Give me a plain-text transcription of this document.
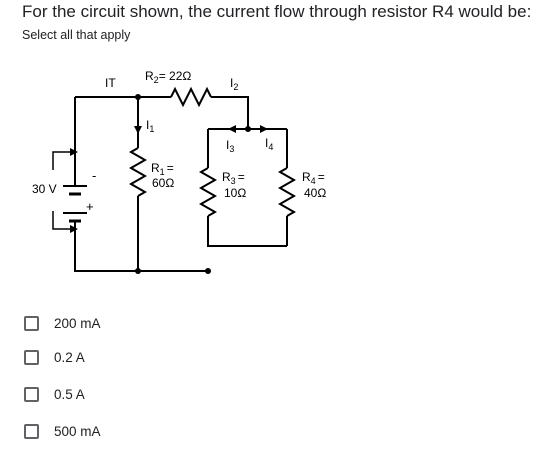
For the circuit shown, the current flow through resistor R4 would be:
Select all that apply
30 V
-
+
IT $R_2= 22\Omega$	$I_2$
$I_1$
$I_3$	$I_4$
$R_1$ =
60Ω	$R_3$ =
10Ω
$R_4$ =
40Ω
200 mA
0.2 A
0.5 A
500 mA
